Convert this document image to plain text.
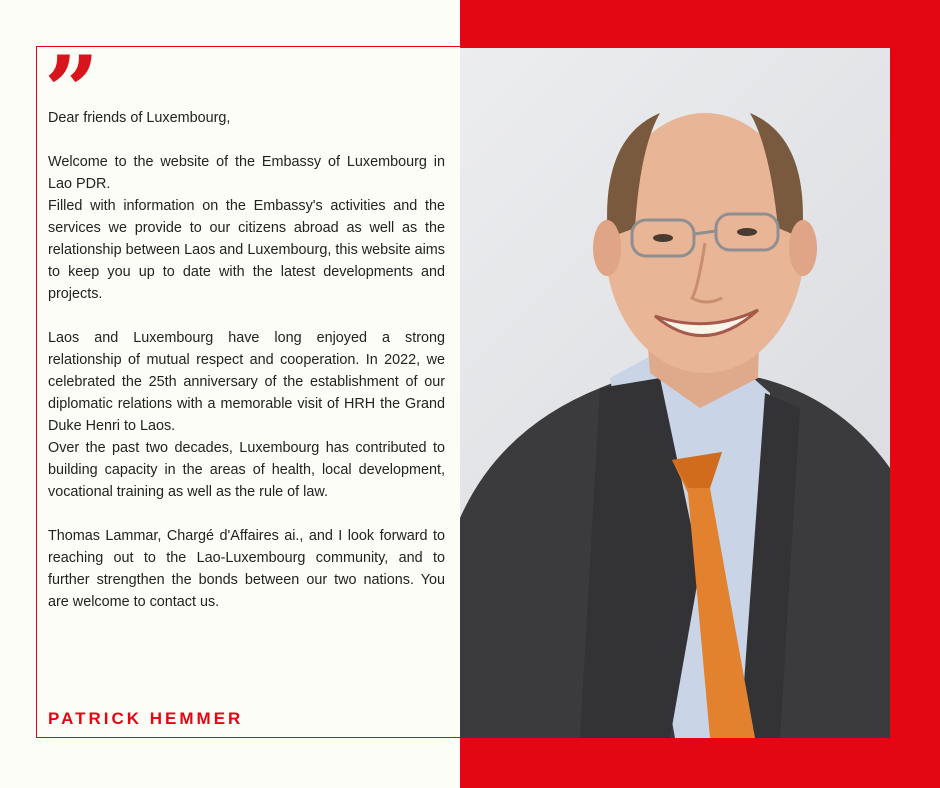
”

Dear friends of Luxembourg,

Welcome to the website of the Embassy of Luxembourg in Lao PDR.

Filled with information on the Embassy's activities and the services we provide to our citizens abroad as well as the relationship between Laos and Luxembourg, this website aims to keep you up to date with the latest developments and projects.

Laos and Luxembourg have long enjoyed a strong relationship of mutual respect and cooperation. In 2022, we celebrated the 25th anniversary of the establishment of our diplomatic relations with a memorable visit of HRH the Grand Duke Henri to Laos.

Over the past two decades, Luxembourg has contributed to building capacity in the areas of health, local development, vocational training as well as the rule of law.

Thomas Lammar, Chargé d'Affaires ai., and I look forward to reaching out to the Lao-Luxembourg community, and to further strengthen the bonds between our two nations. You are welcome to contact us.

PATRICK HEMMER
